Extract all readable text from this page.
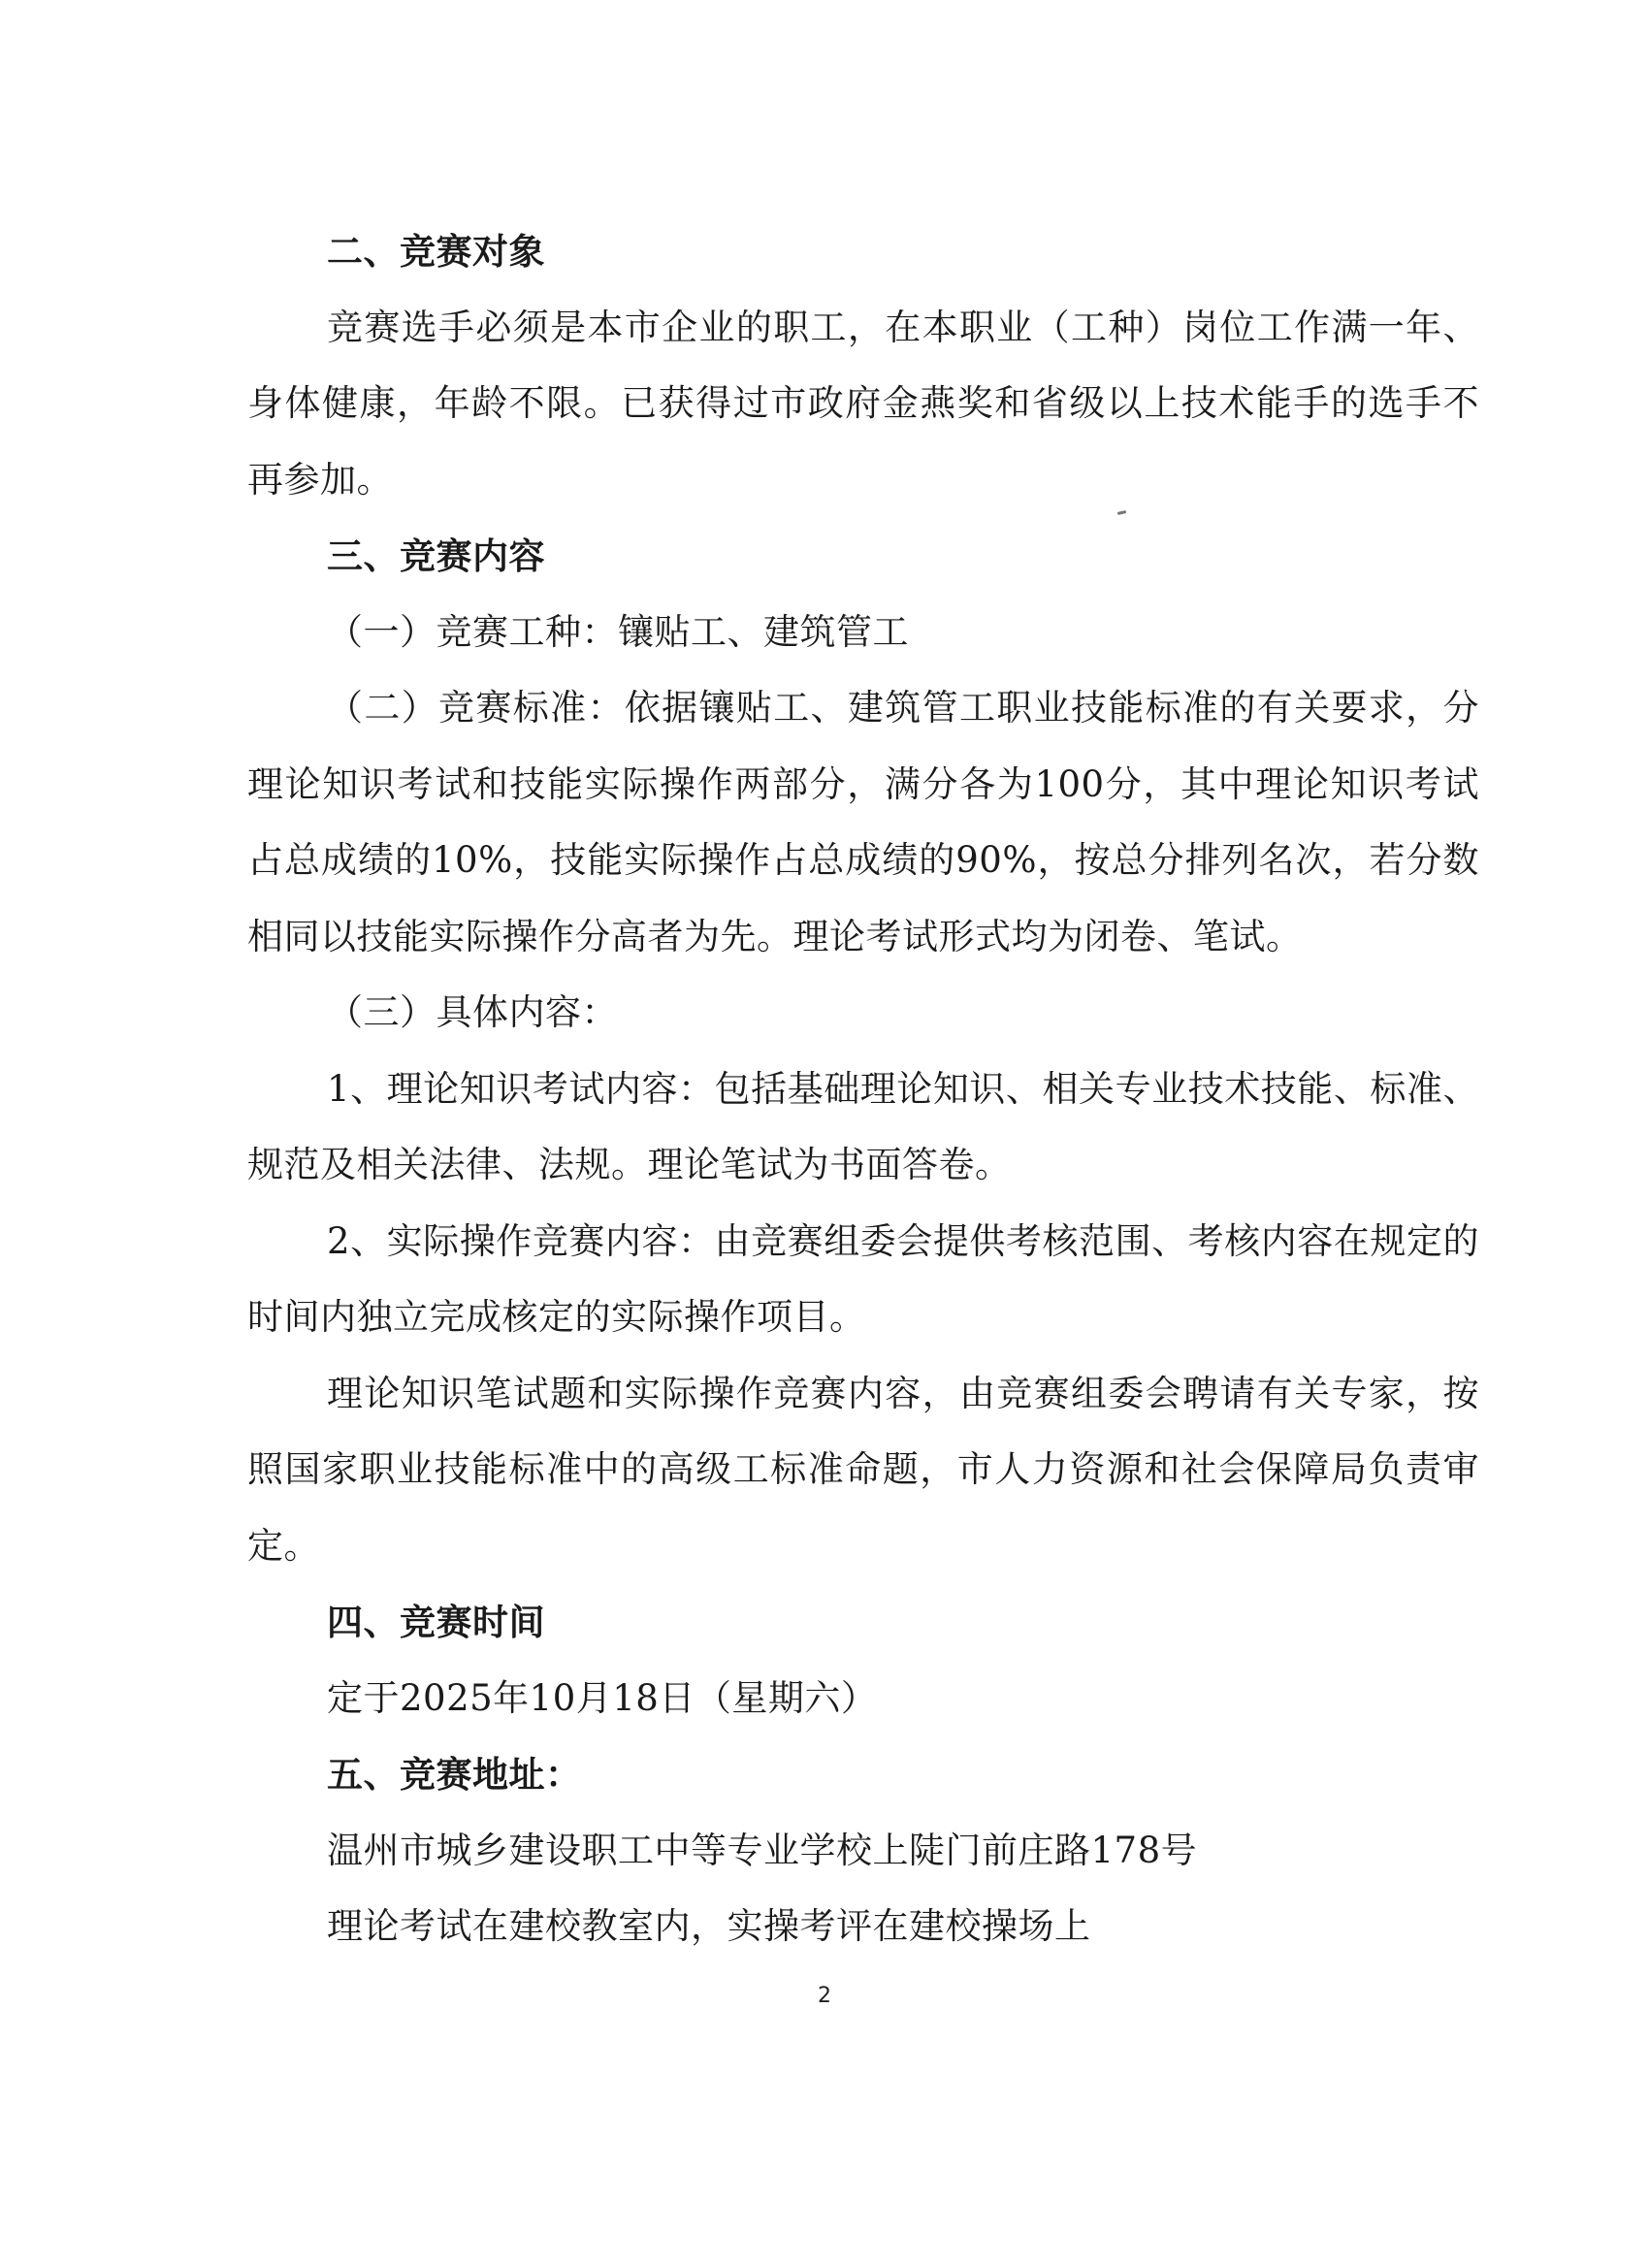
二、竞赛对象

竞赛选手必须是本市企业的职工，在本职业（工种）岗位工作满一年、身体健康，年龄不限。已获得过市政府金燕奖和省级以上技术能手的选手不再参加。

三、竞赛内容

（一）竞赛工种：镶贴工、建筑管工

（二）竞赛标准：依据镶贴工、建筑管工职业技能标准的有关要求，分理论知识考试和技能实际操作两部分，满分各为100分，其中理论知识考试占总成绩的10%，技能实际操作占总成绩的90%，按总分排列名次，若分数相同以技能实际操作分高者为先。理论考试形式均为闭卷、笔试。

（三）具体内容：

1、理论知识考试内容：包括基础理论知识、相关专业技术技能、标准、规范及相关法律、法规。理论笔试为书面答卷。

2、实际操作竞赛内容：由竞赛组委会提供考核范围、考核内容在规定的时间内独立完成核定的实际操作项目。

理论知识笔试题和实际操作竞赛内容，由竞赛组委会聘请有关专家，按照国家职业技能标准中的高级工标准命题，市人力资源和社会保障局负责审定。

四、竞赛时间

定于2025年10月18日（星期六）

五、竞赛地址：

温州市城乡建设职工中等专业学校上陡门前庄路178号

理论考试在建校教室内，实操考评在建校操场上

2
